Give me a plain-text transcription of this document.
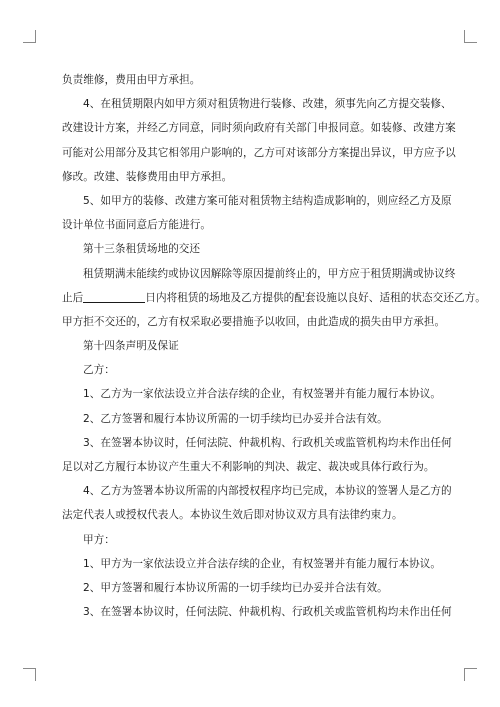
负责维修，费用由甲方承担。
4、在租赁期限内如甲方须对租赁物进行装修、改建，须事先向乙方提交装修、
改建设计方案，并经乙方同意，同时须向政府有关部门申报同意。如装修、改建方案
可能对公用部分及其它相邻用户影响的，乙方可对该部分方案提出异议，甲方应予以
修改。改建、装修费用由甲方承担。
5、如甲方的装修、改建方案可能对租赁物主结构造成影响的，则应经乙方及原
设计单位书面同意后方能进行。
第十三条租赁场地的交还
租赁期满未能续约或协议因解除等原因提前终止的，甲方应于租赁期满或协议终
止后	日内将租赁的场地及乙方提供的配套设施以良好、适租的状态交还乙方。
甲方拒不交还的，乙方有权采取必要措施予以收回，由此造成的损失由甲方承担。
第十四条声明及保证
乙方：
1、乙方为一家依法设立并合法存续的企业，有权签署并有能力履行本协议。
2、乙方签署和履行本协议所需的一切手续均已办妥并合法有效。
3、在签署本协议时，任何法院、仲裁机构、行政机关或监管机构均未作出任何
足以对乙方履行本协议产生重大不利影响的判决、裁定、裁决或具体行政行为。
4、乙方为签署本协议所需的内部授权程序均已完成，本协议的签署人是乙方的
法定代表人或授权代表人。本协议生效后即对协议双方具有法律约束力。
甲方：
1、甲方为一家依法设立并合法存续的企业，有权签署并有能力履行本协议。
2、甲方签署和履行本协议所需的一切手续均已办妥并合法有效。
3、在签署本协议时，任何法院、仲裁机构、行政机关或监管机构均未作出任何
